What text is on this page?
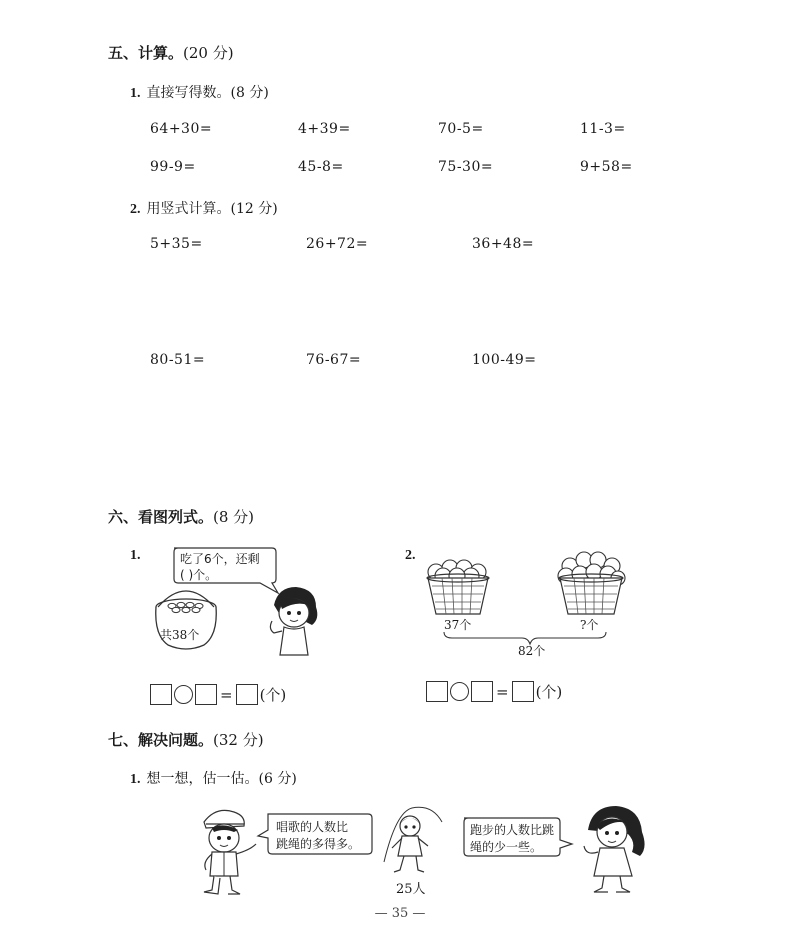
五、计算。(20 分)
1. 直接写得数。(8 分)
64+30=	4+39=	70-5=	11-3=
99-9=	45-8=	75-30=	9+58=
2. 用竖式计算。(12 分)
5+35=	26+72=	36+48=
80-51=	76-67=	100-49=
六、看图列式。(8 分)
1.	吃了6个，还剩
( )个。
共38个
= (个)
2.
37个	?个
82个
= (个)
七、解决问题。(32 分)
1. 想一想，估一估。(6 分)
唱歌的人数比
跳绳的多得多。
25人
跑步的人数比跳
绳的少一些。
— 35 —
